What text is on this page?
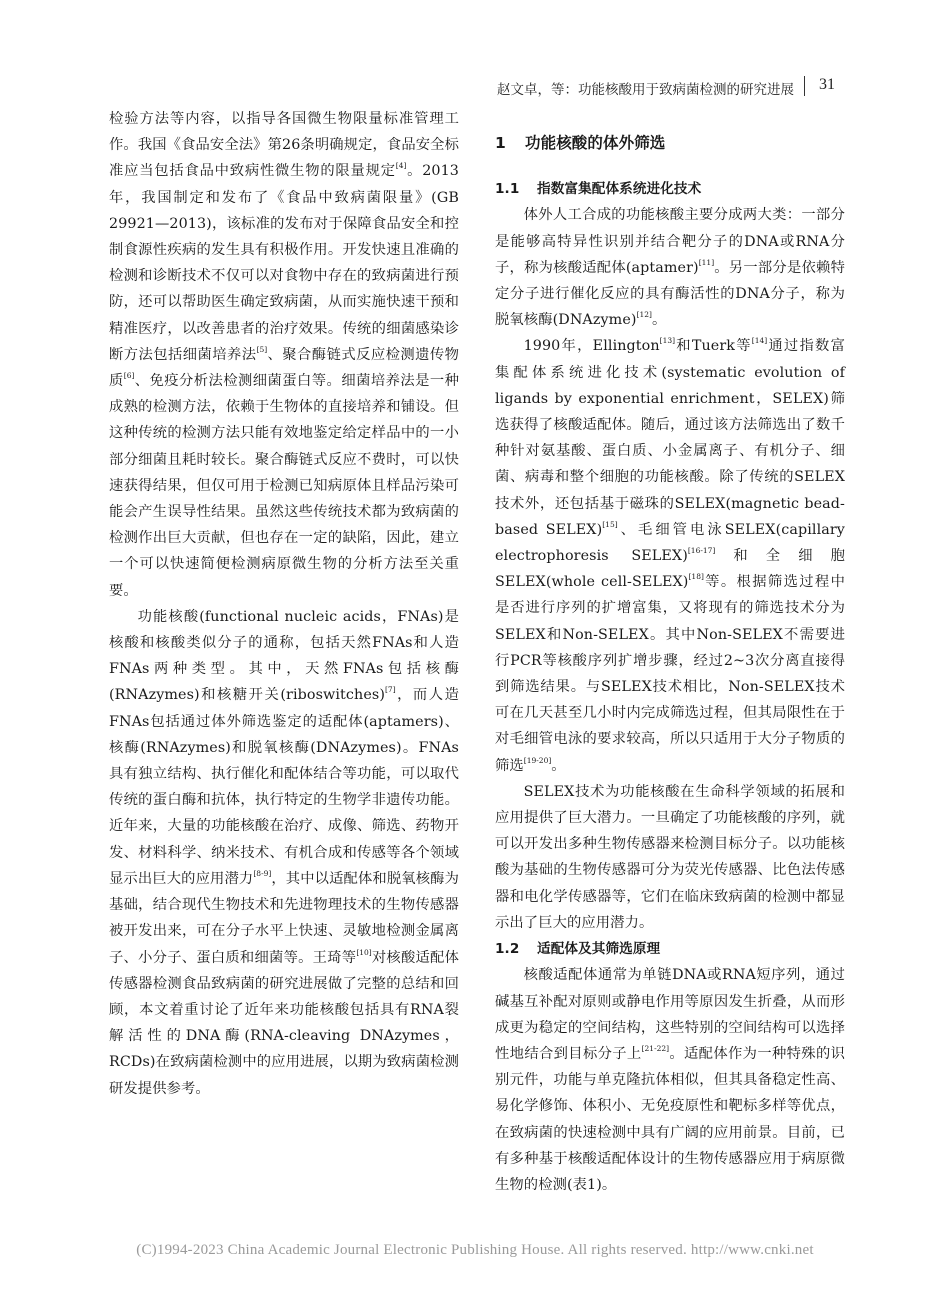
赵文卓，等：功能核酸用于致病菌检测的研究进展 31

检验方法等内容，以指导各国微生物限量标准管理工作。我国《食品安全法》第26条明确规定，食品安全标准应当包括食品中致病性微生物的限量规定[4]。2013年，我国制定和发布了《食品中致病菌限量》(GB 29921—2013)，该标准的发布对于保障食品安全和控制食源性疾病的发生具有积极作用。开发快速且准确的检测和诊断技术不仅可以对食物中存在的致病菌进行预防，还可以帮助医生确定致病菌，从而实施快速干预和精准医疗，以改善患者的治疗效果。传统的细菌感染诊断方法包括细菌培养法[5]、聚合酶链式反应检测遗传物质[6]、免疫分析法检测细菌蛋白等。细菌培养法是一种成熟的检测方法，依赖于生物体的直接培养和铺设。但这种传统的检测方法只能有效地鉴定给定样品中的一小部分细菌且耗时较长。聚合酶链式反应不费时，可以快速获得结果，但仅可用于检测已知病原体且样品污染可能会产生误导性结果。虽然这些传统技术都为致病菌的检测作出巨大贡献，但也存在一定的缺陷，因此，建立一个可以快速简便检测病原微生物的分析方法至关重要。

功能核酸(functional nucleic acids，FNAs)是核酸和核酸类似分子的通称，包括天然FNAs和人造FNAs两种类型。其中，天然FNAs包括核酶(RNAzymes)和核糖开关(riboswitches)[7]，而人造FNAs包括通过体外筛选鉴定的适配体(aptamers)、核酶(RNAzymes)和脱氧核酶(DNAzymes)。FNAs具有独立结构、执行催化和配体结合等功能，可以取代传统的蛋白酶和抗体，执行特定的生物学非遗传功能。近年来，大量的功能核酸在治疗、成像、筛选、药物开发、材料科学、纳米技术、有机合成和传感等各个领域显示出巨大的应用潜力[8-9]，其中以适配体和脱氧核酶为基础，结合现代生物技术和先进物理技术的生物传感器被开发出来，可在分子水平上快速、灵敏地检测金属离子、小分子、蛋白质和细菌等。王琦等[10]对核酸适配体传感器检测食品致病菌的研究进展做了完整的总结和回顾，本文着重讨论了近年来功能核酸包括具有RNA裂解活性的DNA酶(RNA-cleaving DNAzymes，RCDs)在致病菌检测中的应用进展，以期为致病菌检测研发提供参考。

1 功能核酸的体外筛选

1.1 指数富集配体系统进化技术

体外人工合成的功能核酸主要分成两大类：一部分是能够高特异性识别并结合靶分子的DNA或RNA分子，称为核酸适配体(aptamer)[11]。另一部分是依赖特定分子进行催化反应的具有酶活性的DNA分子，称为脱氧核酶(DNAzyme)[12]。

1990年，Ellington[13]和Tuerk等[14]通过指数富集配体系统进化技术(systematic evolution of ligands by exponential enrichment，SELEX)筛选获得了核酸适配体。随后，通过该方法筛选出了数千种针对氨基酸、蛋白质、小金属离子、有机分子、细菌、病毒和整个细胞的功能核酸。除了传统的SELEX技术外，还包括基于磁珠的SELEX(magnetic bead-based SELEX)[15]、毛细管电泳SELEX(capillary electrophoresis SELEX)[16-17]和全细胞SELEX(whole cell-SELEX)[18]等。根据筛选过程中是否进行序列的扩增富集，又将现有的筛选技术分为SELEX和Non-SELEX。其中Non-SELEX不需要进行PCR等核酸序列扩增步骤，经过2~3次分离直接得到筛选结果。与SELEX技术相比，Non-SELEX技术可在几天甚至几小时内完成筛选过程，但其局限性在于对毛细管电泳的要求较高，所以只适用于大分子物质的筛选[19-20]。

SELEX技术为功能核酸在生命科学领域的拓展和应用提供了巨大潜力。一旦确定了功能核酸的序列，就可以开发出多种生物传感器来检测目标分子。以功能核酸为基础的生物传感器可分为荧光传感器、比色法传感器和电化学传感器等，它们在临床致病菌的检测中都显示出了巨大的应用潜力。

1.2 适配体及其筛选原理

核酸适配体通常为单链DNA或RNA短序列，通过碱基互补配对原则或静电作用等原因发生折叠，从而形成更为稳定的空间结构，这些特别的空间结构可以选择性地结合到目标分子上[21-22]。适配体作为一种特殊的识别元件，功能与单克隆抗体相似，但其具备稳定性高、易化学修饰、体积小、无免疫原性和靶标多样等优点，在致病菌的快速检测中具有广阔的应用前景。目前，已有多种基于核酸适配体设计的生物传感器应用于病原微生物的检测(表1)。

(C)1994-2023 China Academic Journal Electronic Publishing House. All rights reserved. http://www.cnki.net
